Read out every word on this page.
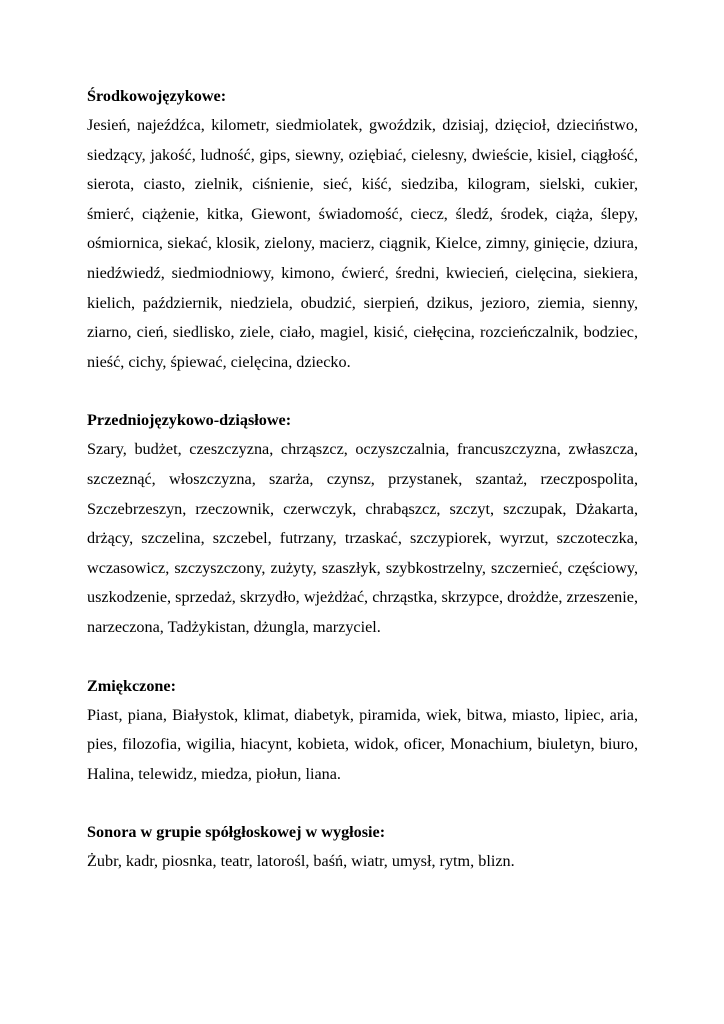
Środkowojęzykowe:
Jesień, najeźdźca, kilometr, siedmiolatek, gwoździk, dzisiaj, dzięcioł, dzieciństwo, siedzący, jakość, ludność, gips, siewny, oziębiać, cielesny, dwieście, kisiel, ciągłość, sierota, ciasto, zielnik, ciśnienie, sieć, kiść, siedziba, kilogram, sielski, cukier, śmierć, ciążenie, kitka, Giewont, świadomość, ciecz, śledź, środek, ciąża, ślepy, ośmiornica, siekać, klosik, zielony, macierz, ciągnik, Kielce, zimny, ginięcie, dziura, niedźwiedź, siedmiodniowy, kimono, ćwierć, średni, kwiecień, cielęcina, siekiera, kielich, październik, niedziela, obudzić, sierpień, dzikus, jezioro, ziemia, sienny, ziarno, cień, siedlisko, ziele, ciało, magiel, kisić, ciełęcina, rozcieńczalnik, bodziec, nieść, cichy, śpiewać, cielęcina, dziecko.
Przedniojęzykowo-dziąsłowe:
Szary, budżet, czeszczyzna, chrząszcz, oczyszczalnia, francuszczyzna, zwłaszcza, szczeznąć, włoszczyzna, szarża, czynsz, przystanek, szantaż, rzeczpospolita, Szczebrzeszyn, rzeczownik, czerwczyk, chrabąszcz, szczyt, szczupak, Dżakarta, drżący, szczelina, szczebel, futrzany, trzaskać, szczypiorek, wyrzut, szczoteczka, wczasowicz, szczyszczony, zużyty, szaszłyk, szybkostrzelny, szczernieć, częściowy, uszkodzenie, sprzedaż, skrzydło, wjeżdżać, chrząstka, skrzypce, drożdże, zrzeszenie, narzeczona, Tadżykistan, dżungla, marzyciel.
Zmiękczone:
Piast, piana, Białystok, klimat, diabetyk, piramida, wiek, bitwa, miasto, lipiec, aria, pies, filozofia, wigilia, hiacynt, kobieta, widok, oficer, Monachium, biuletyn, biuro, Halina, telewidz, miedza, piołun, liana.
Sonora w grupie spółgłoskowej w wygłosie:
Żubr, kadr, piosnka, teatr, latorośl, baśń, wiatr, umysł, rytm, blizn.
